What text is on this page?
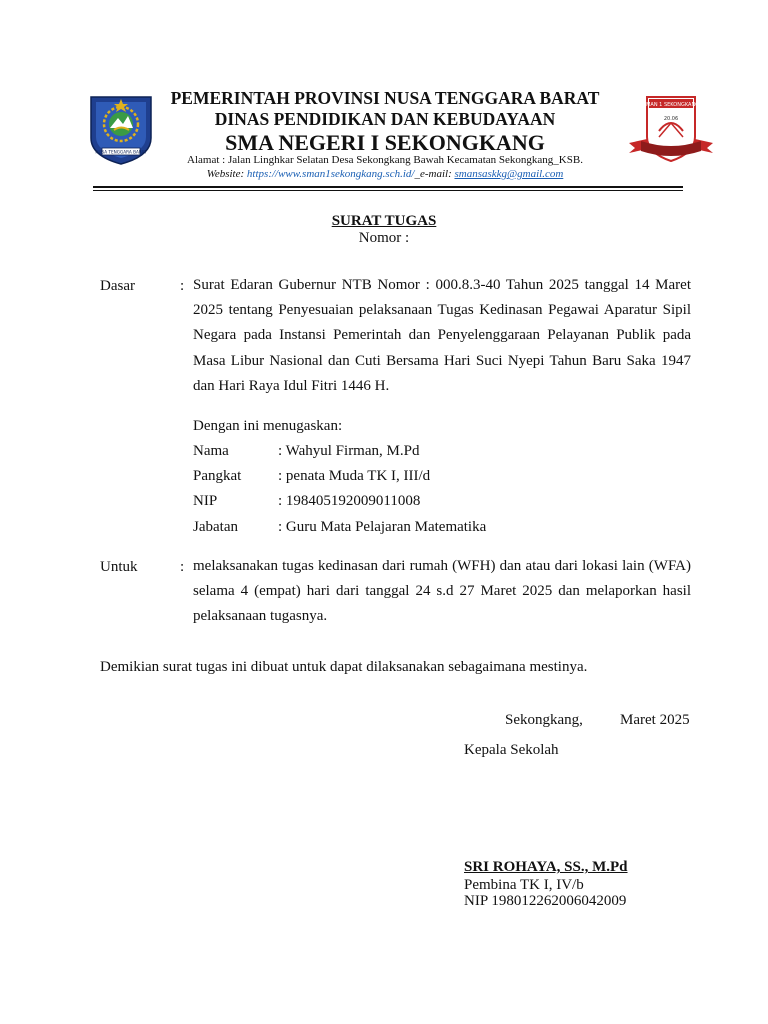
NUSA TENGGARA BARAT
SMAN 1 SEKONGKANG
20.06
PEMERINTAH PROVINSI NUSA TENGGARA BARAT
DINAS PENDIDIKAN DAN KEBUDAYAAN
SMA NEGERI I SEKONGKANG
Alamat : Jalan Linghkar Selatan Desa Sekongkang Bawah Kecamatan Sekongkang_KSB.
Website: https://www.sman1sekongkang.sch.id/_e-mail: smansaskkg@gmail.com
SURAT TUGAS
Nomor :
Dasar	: Surat Edaran Gubernur NTB Nomor : 000.8.3-40 Tahun 2025 tanggal 14 Maret 2025 tentang Penyesuaian pelaksanaan Tugas Kedinasan Pegawai Aparatur Sipil Negara pada Instansi Pemerintah dan Penyelenggaraan Pelayanan Publik pada Masa Libur Nasional dan Cuti Bersama Hari Suci Nyepi Tahun Baru Saka 1947 dan Hari Raya Idul Fitri 1446 H.
Dengan ini menugaskan:
Nama	: Wahyul Firman, M.Pd
Pangkat : penata Muda TK I, III/d
NIP	: 198405192009011008
Jabatan	: Guru Mata Pelajaran Matematika
Untuk	: melaksanakan tugas kedinasan dari rumah (WFH) dan atau dari lokasi lain (WFA) selama 4 (empat) hari dari tanggal 24 s.d 27 Maret 2025 dan melaporkan hasil pelaksanaan tugasnya.
Demikian surat tugas ini dibuat untuk dapat dilaksanakan sebagaimana mestinya.
Sekongkang, Maret 2025
Kepala Sekolah
SRI ROHAYA, SS., M.Pd
Pembina TK I, IV/b
NIP 198012262006042009
